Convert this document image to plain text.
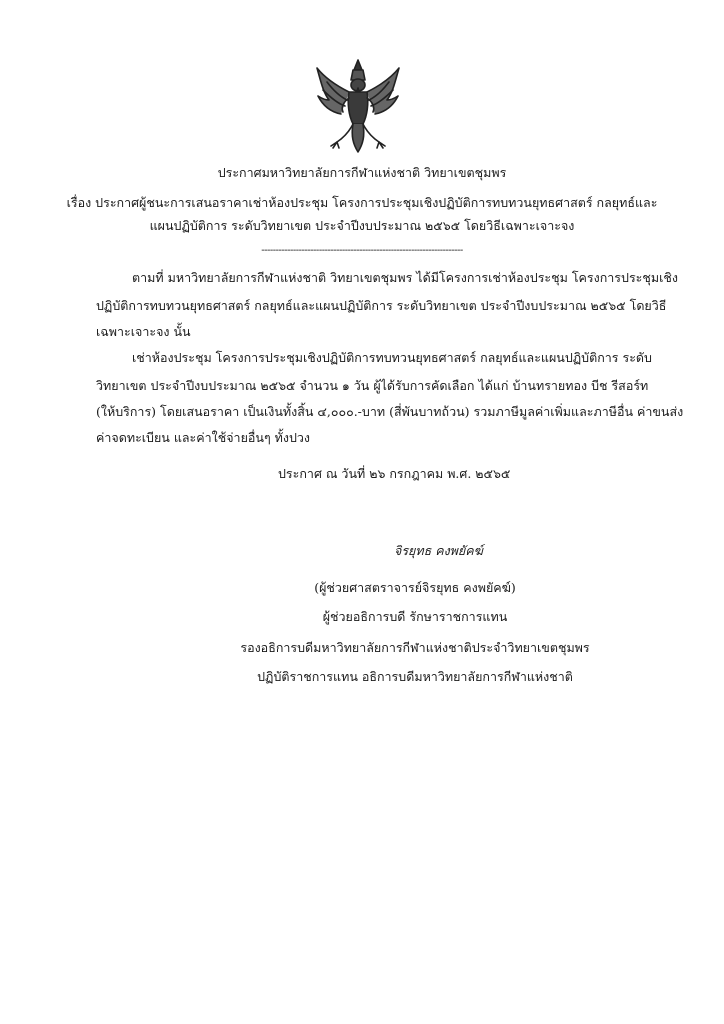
ประกาศมหาวิทยาลัยการกีฬาแห่งชาติ วิทยาเขตชุมพร
เรื่อง ประกาศผู้ชนะการเสนอราคาเช่าห้องประชุม โครงการประชุมเชิงปฏิบัติการทบทวนยุทธศาสตร์ กลยุทธ์และ
แผนปฏิบัติการ ระดับวิทยาเขต ประจำปีงบประมาณ ๒๕๖๕ โดยวิธีเฉพาะเจาะจง
----------------------------------------------------------------------
ตามที่ มหาวิทยาลัยการกีฬาแห่งชาติ วิทยาเขตชุมพร ได้มีโครงการเช่าห้องประชุม โครงการประชุมเชิง
ปฏิบัติการทบทวนยุทธศาสตร์ กลยุทธ์และแผนปฏิบัติการ ระดับวิทยาเขต ประจำปีงบประมาณ ๒๕๖๕ โดยวิธี
เฉพาะเจาะจง นั้น
เช่าห้องประชุม โครงการประชุมเชิงปฏิบัติการทบทวนยุทธศาสตร์ กลยุทธ์และแผนปฏิบัติการ ระดับ
วิทยาเขต ประจำปีงบประมาณ ๒๕๖๕ จำนวน ๑ วัน ผู้ได้รับการคัดเลือก ได้แก่ บ้านทรายทอง บีช รีสอร์ท
(ให้บริการ) โดยเสนอราคา เป็นเงินทั้งสิ้น ๔,๐๐๐.-บาท (สี่พันบาทถ้วน) รวมภาษีมูลค่าเพิ่มและภาษีอื่น ค่าขนส่ง
ค่าจดทะเบียน และค่าใช้จ่ายอื่นๆ ทั้งปวง
ประกาศ ณ วันที่ ๒๖ กรกฎาคม พ.ศ. ๒๕๖๕
จิรยุทธ คงพยัคฆ์
(ผู้ช่วยศาสตราจารย์จิรยุทธ คงพยัคฆ์)
ผู้ช่วยอธิการบดี รักษาราชการแทน
รองอธิการบดีมหาวิทยาลัยการกีฬาแห่งชาติประจำวิทยาเขตชุมพร
ปฏิบัติราชการแทน อธิการบดีมหาวิทยาลัยการกีฬาแห่งชาติ
